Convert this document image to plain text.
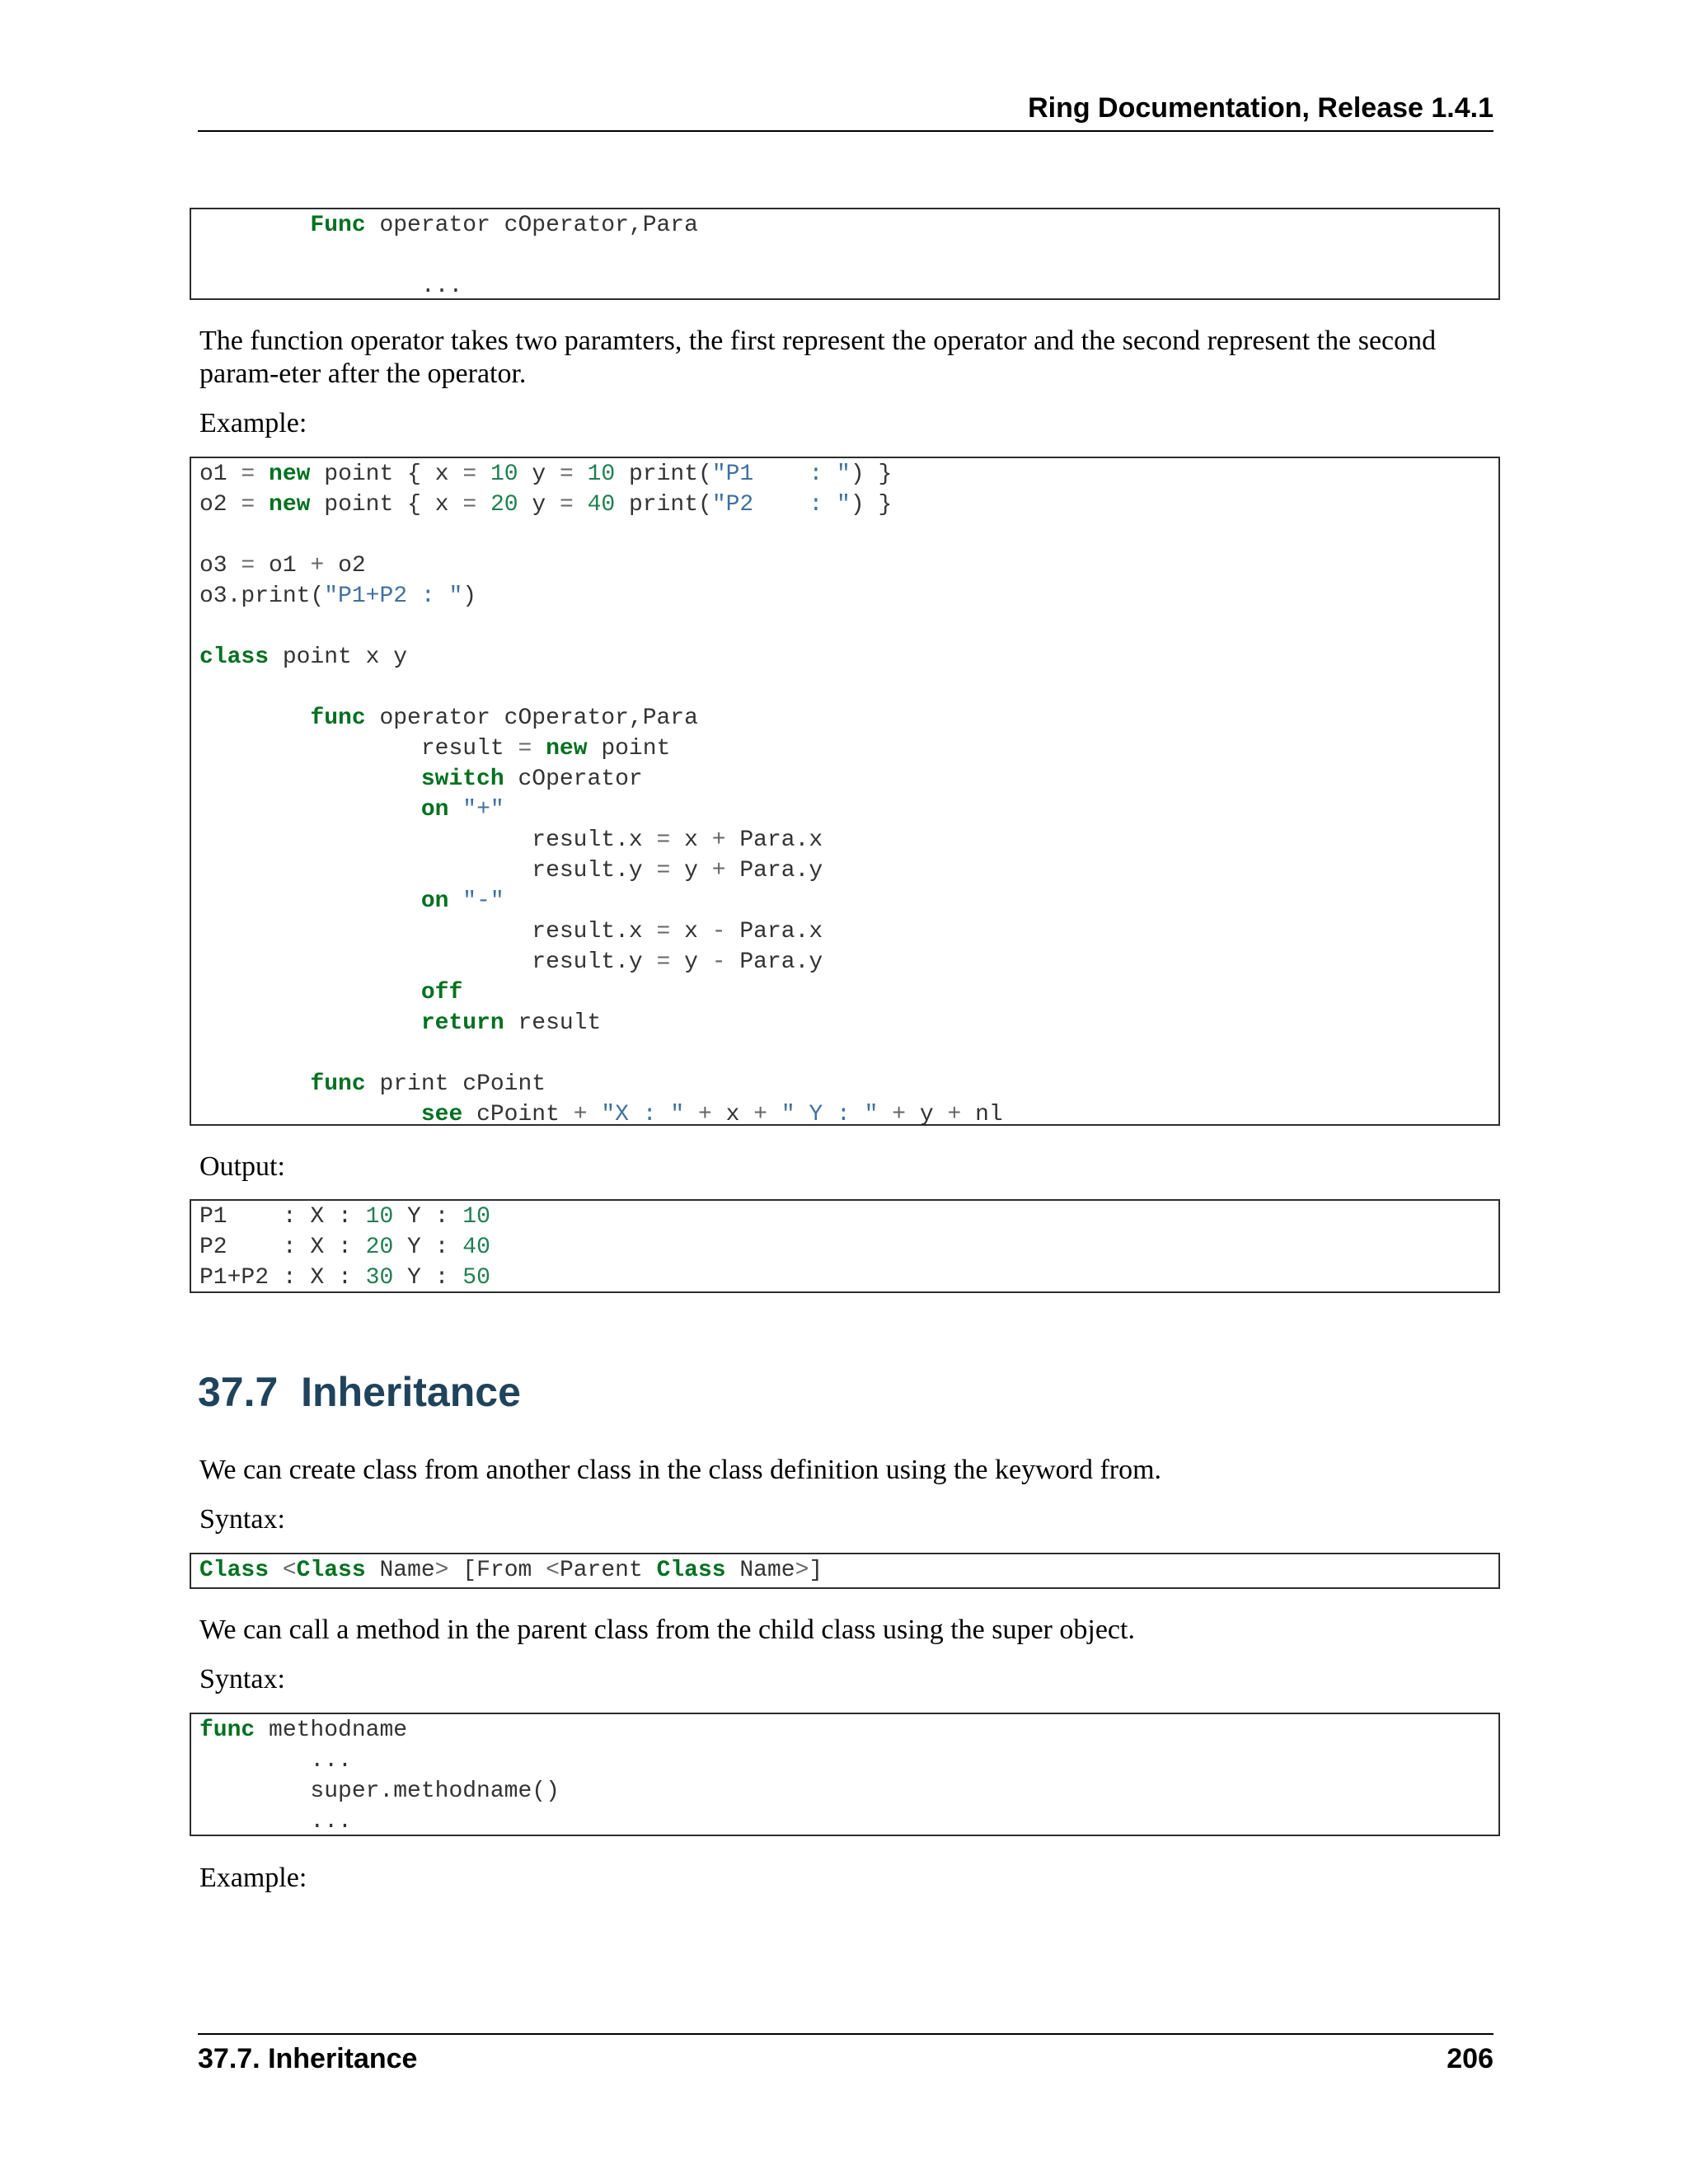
Ring Documentation, Release 1.4.1
Func operator cOperator,Para
...
The function operator takes two paramters, the first represent the operator and the second represent the second param-eter after the operator.
Example:
o1 = new point { x = 10 y = 10 print("P1    : ") }
o2 = new point { x = 20 y = 40 print("P2    : ") }
o3 = o1 + o2
o3.print("P1+P2 : ")
class point x y
func operator cOperator,Para
result = new point
switch cOperator
on "+"
result.x = x + Para.x
result.y = y + Para.y
on "-"
result.x = x - Para.x
result.y = y - Para.y
off
return result
func print cPoint
see cPoint + "X : " + x + " Y : " + y + nl
Output:
P1    : X : 10 Y : 10
P2    : X : 20 Y : 40
P1+P2 : X : 30 Y : 50
37.7 Inheritance
We can create class from another class in the class definition using the keyword from.
Syntax:
Class <Class Name> [From <Parent Class Name>]
We can call a method in the parent class from the child class using the super object.
Syntax:
func methodname
...
super.methodname()
...
Example:
37.7. Inheritance	206
